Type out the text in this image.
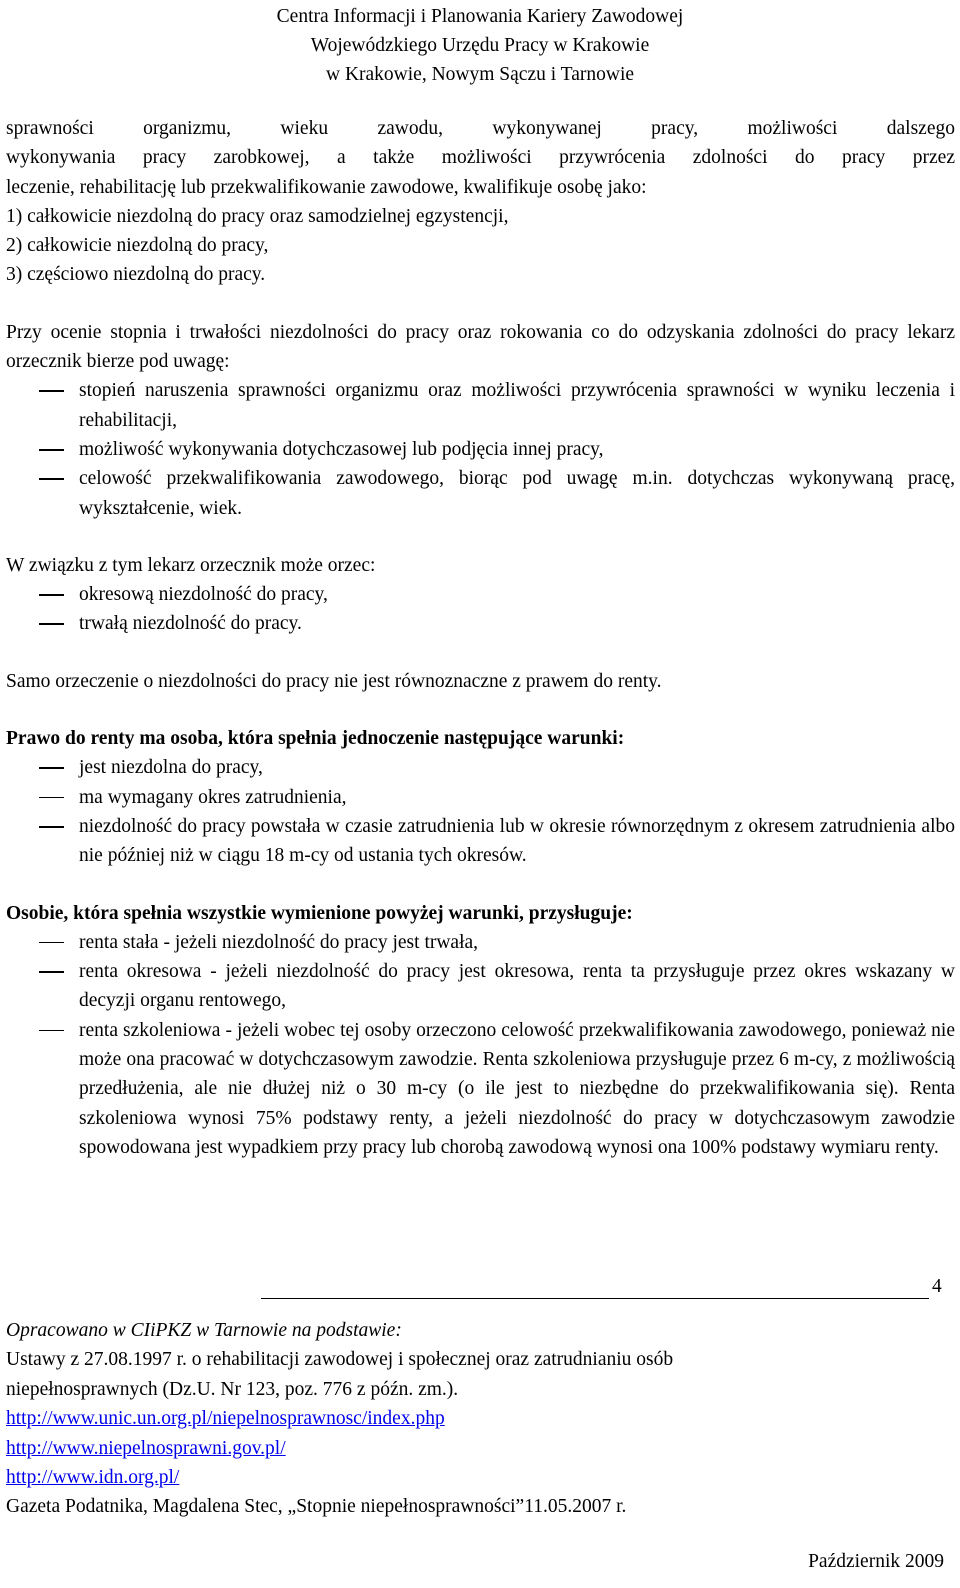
Centra Informacji i Planowania Kariery Zawodowej
Wojewódzkiego Urzędu Pracy w Krakowie
w Krakowie, Nowym Sączu i Tarnowie
sprawności organizmu, wieku zawodu, wykonywanej pracy, możliwości dalszego
wykonywania pracy zarobkowej, a także możliwości przywrócenia zdolności do pracy przez
leczenie, rehabilitację lub przekwalifikowanie zawodowe, kwalifikuje osobę jako:
1) całkowicie niezdolną do pracy oraz samodzielnej egzystencji,
2) całkowicie niezdolną do pracy,
3) częściowo niezdolną do pracy.
Przy ocenie stopnia i trwałości niezdolności do pracy oraz rokowania co do odzyskania zdolności do pracy lekarz orzecznik bierze pod uwagę:
stopień naruszenia sprawności organizmu oraz możliwości przywrócenia sprawności w wyniku leczenia i rehabilitacji,
możliwość wykonywania dotychczasowej lub podjęcia innej pracy,
celowość przekwalifikowania zawodowego, biorąc pod uwagę m.in. dotychczas wykonywaną pracę, wykształcenie, wiek.
W związku z tym lekarz orzecznik może orzec:
okresową niezdolność do pracy,
trwałą niezdolność do pracy.
Samo orzeczenie o niezdolności do pracy nie jest równoznaczne z prawem do renty.
Prawo do renty ma osoba, która spełnia jednoczenie następujące warunki:
jest niezdolna do pracy,
ma wymagany okres zatrudnienia,
niezdolność do pracy powstała w czasie zatrudnienia lub w okresie równorzędnym z okresem zatrudnienia albo nie później niż w ciągu 18 m-cy od ustania tych okresów.
Osobie, która spełnia wszystkie wymienione powyżej warunki, przysługuje:
renta stała - jeżeli niezdolność do pracy jest trwała,
renta okresowa - jeżeli niezdolność do pracy jest okresowa, renta ta przysługuje przez okres wskazany w decyzji organu rentowego,
renta szkoleniowa - jeżeli wobec tej osoby orzeczono celowość przekwalifikowania zawodowego, ponieważ nie może ona pracować w dotychczasowym zawodzie. Renta szkoleniowa przysługuje przez 6 m-cy, z możliwością przedłużenia, ale nie dłużej niż o 30 m-cy (o ile jest to niezbędne do przekwalifikowania się). Renta szkoleniowa wynosi 75% podstawy renty, a jeżeli niezdolność do pracy w dotychczasowym zawodzie spowodowana jest wypadkiem przy pracy lub chorobą zawodową wynosi ona 100% podstawy wymiaru renty.
4
Opracowano w CIiPKZ w Tarnowie na podstawie:
Ustawy z 27.08.1997 r. o rehabilitacji zawodowej i społecznej oraz zatrudnianiu osób
niepełnosprawnych (Dz.U. Nr 123, poz. 776 z późn. zm.).
http://www.unic.un.org.pl/niepelnosprawnosc/index.php
http://www.niepelnosprawni.gov.pl/
http://www.idn.org.pl/
Gazeta Podatnika, Magdalena Stec, „Stopnie niepełnosprawności”11.05.2007 r.
Październik 2009
